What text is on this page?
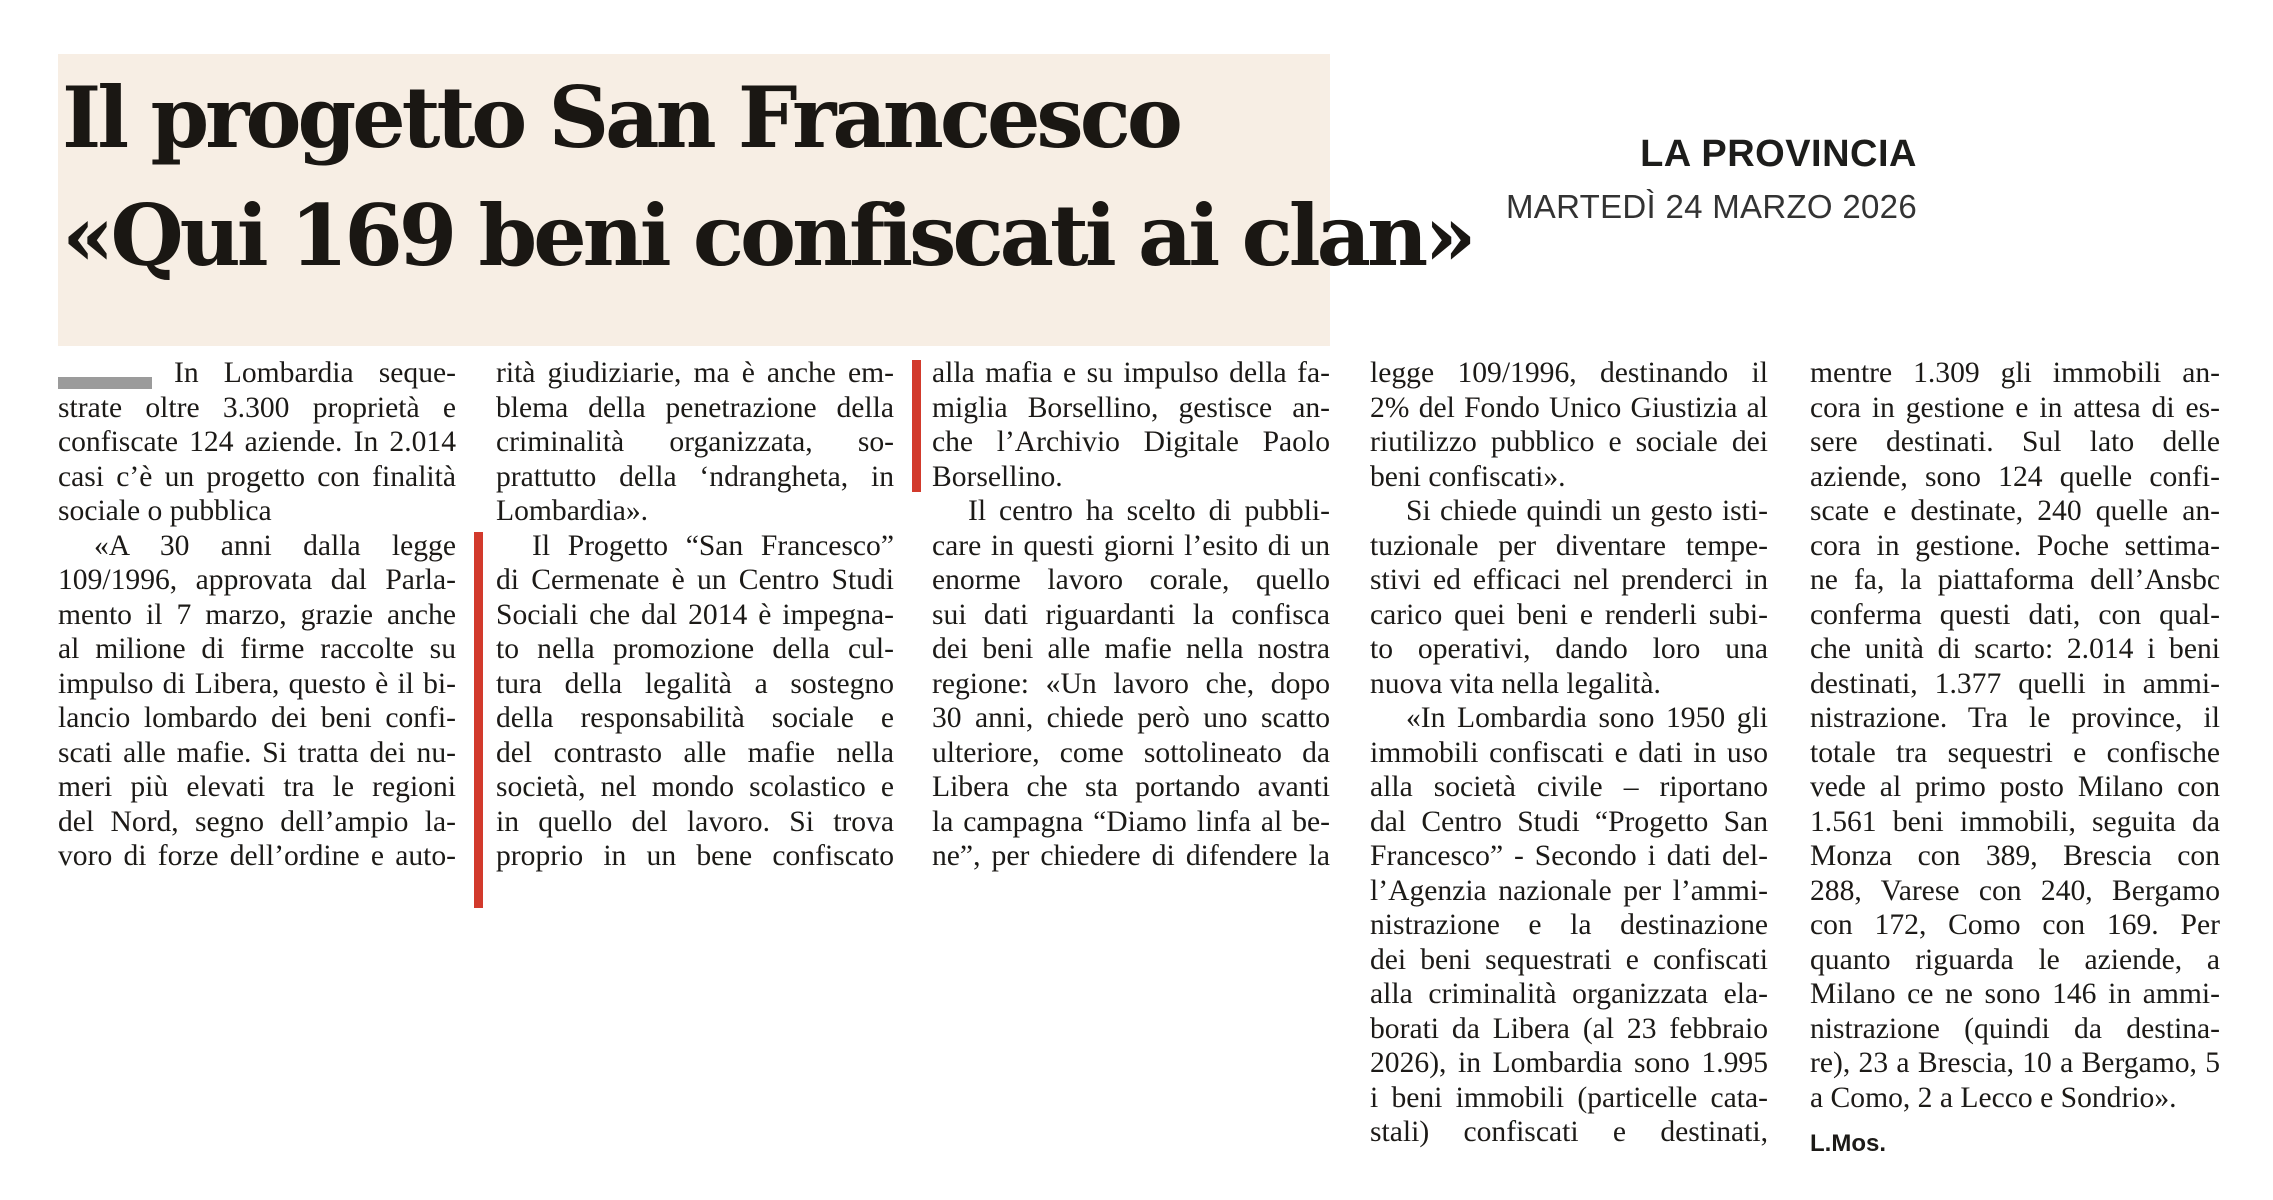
Il progetto San Francesco
«Qui 169 beni confiscati ai clan»
LA PROVINCIA
MARTEDÌ 24 MARZO 2026
In Lombardia seque-
strate oltre 3.300 proprietà e
confiscate 124 aziende. In 2.014
casi c’è un progetto con finalità
sociale o pubblica
«A 30 anni dalla legge
109/1996, approvata dal Parla-
mento il 7 marzo, grazie anche
al milione di firme raccolte su
impulso di Libera, questo è il bi-
lancio lombardo dei beni confi-
scati alle mafie. Si tratta dei nu-
meri più elevati tra le regioni
del Nord, segno dell’ampio la-
voro di forze dell’ordine e auto-
rità giudiziarie, ma è anche em-
blema della penetrazione della
criminalità organizzata, so-
prattutto della ‘ndrangheta, in
Lombardia».
Il Progetto “San Francesco”
di Cermenate è un Centro Studi
Sociali che dal 2014 è impegna-
to nella promozione della cul-
tura della legalità a sostegno
della responsabilità sociale e
del contrasto alle mafie nella
società, nel mondo scolastico e
in quello del lavoro. Si trova
proprio in un bene confiscato
alla mafia e su impulso della fa-
miglia Borsellino, gestisce an-
che l’Archivio Digitale Paolo
Borsellino.
Il centro ha scelto di pubbli-
care in questi giorni l’esito di un
enorme lavoro corale, quello
sui dati riguardanti la confisca
dei beni alle mafie nella nostra
regione: «Un lavoro che, dopo
30 anni, chiede però uno scatto
ulteriore, come sottolineato da
Libera che sta portando avanti
la campagna “Diamo linfa al be-
ne”, per chiedere di difendere la
legge 109/1996, destinando il
2% del Fondo Unico Giustizia al
riutilizzo pubblico e sociale dei
beni confiscati».
Si chiede quindi un gesto isti-
tuzionale per diventare tempe-
stivi ed efficaci nel prenderci in
carico quei beni e renderli subi-
to operativi, dando loro una
nuova vita nella legalità.
«In Lombardia sono 1950 gli
immobili confiscati e dati in uso
alla società civile – riportano
dal Centro Studi “Progetto San
Francesco” - Secondo i dati del-
l’Agenzia nazionale per l’ammi-
nistrazione e la destinazione
dei beni sequestrati e confiscati
alla criminalità organizzata ela-
borati da Libera (al 23 febbraio
2026), in Lombardia sono 1.995
i beni immobili (particelle cata-
stali) confiscati e destinati,
mentre 1.309 gli immobili an-
cora in gestione e in attesa di es-
sere destinati. Sul lato delle
aziende, sono 124 quelle confi-
scate e destinate, 240 quelle an-
cora in gestione. Poche settima-
ne fa, la piattaforma dell’Ansbc
conferma questi dati, con qual-
che unità di scarto: 2.014 i beni
destinati, 1.377 quelli in ammi-
nistrazione. Tra le province, il
totale tra sequestri e confische
vede al primo posto Milano con
1.561 beni immobili, seguita da
Monza con 389, Brescia con
288, Varese con 240, Bergamo
con 172, Como con 169. Per
quanto riguarda le aziende, a
Milano ce ne sono 146 in ammi-
nistrazione (quindi da destina-
re), 23 a Brescia, 10 a Bergamo, 5
a Como, 2 a Lecco e Sondrio».
L.Mos.
